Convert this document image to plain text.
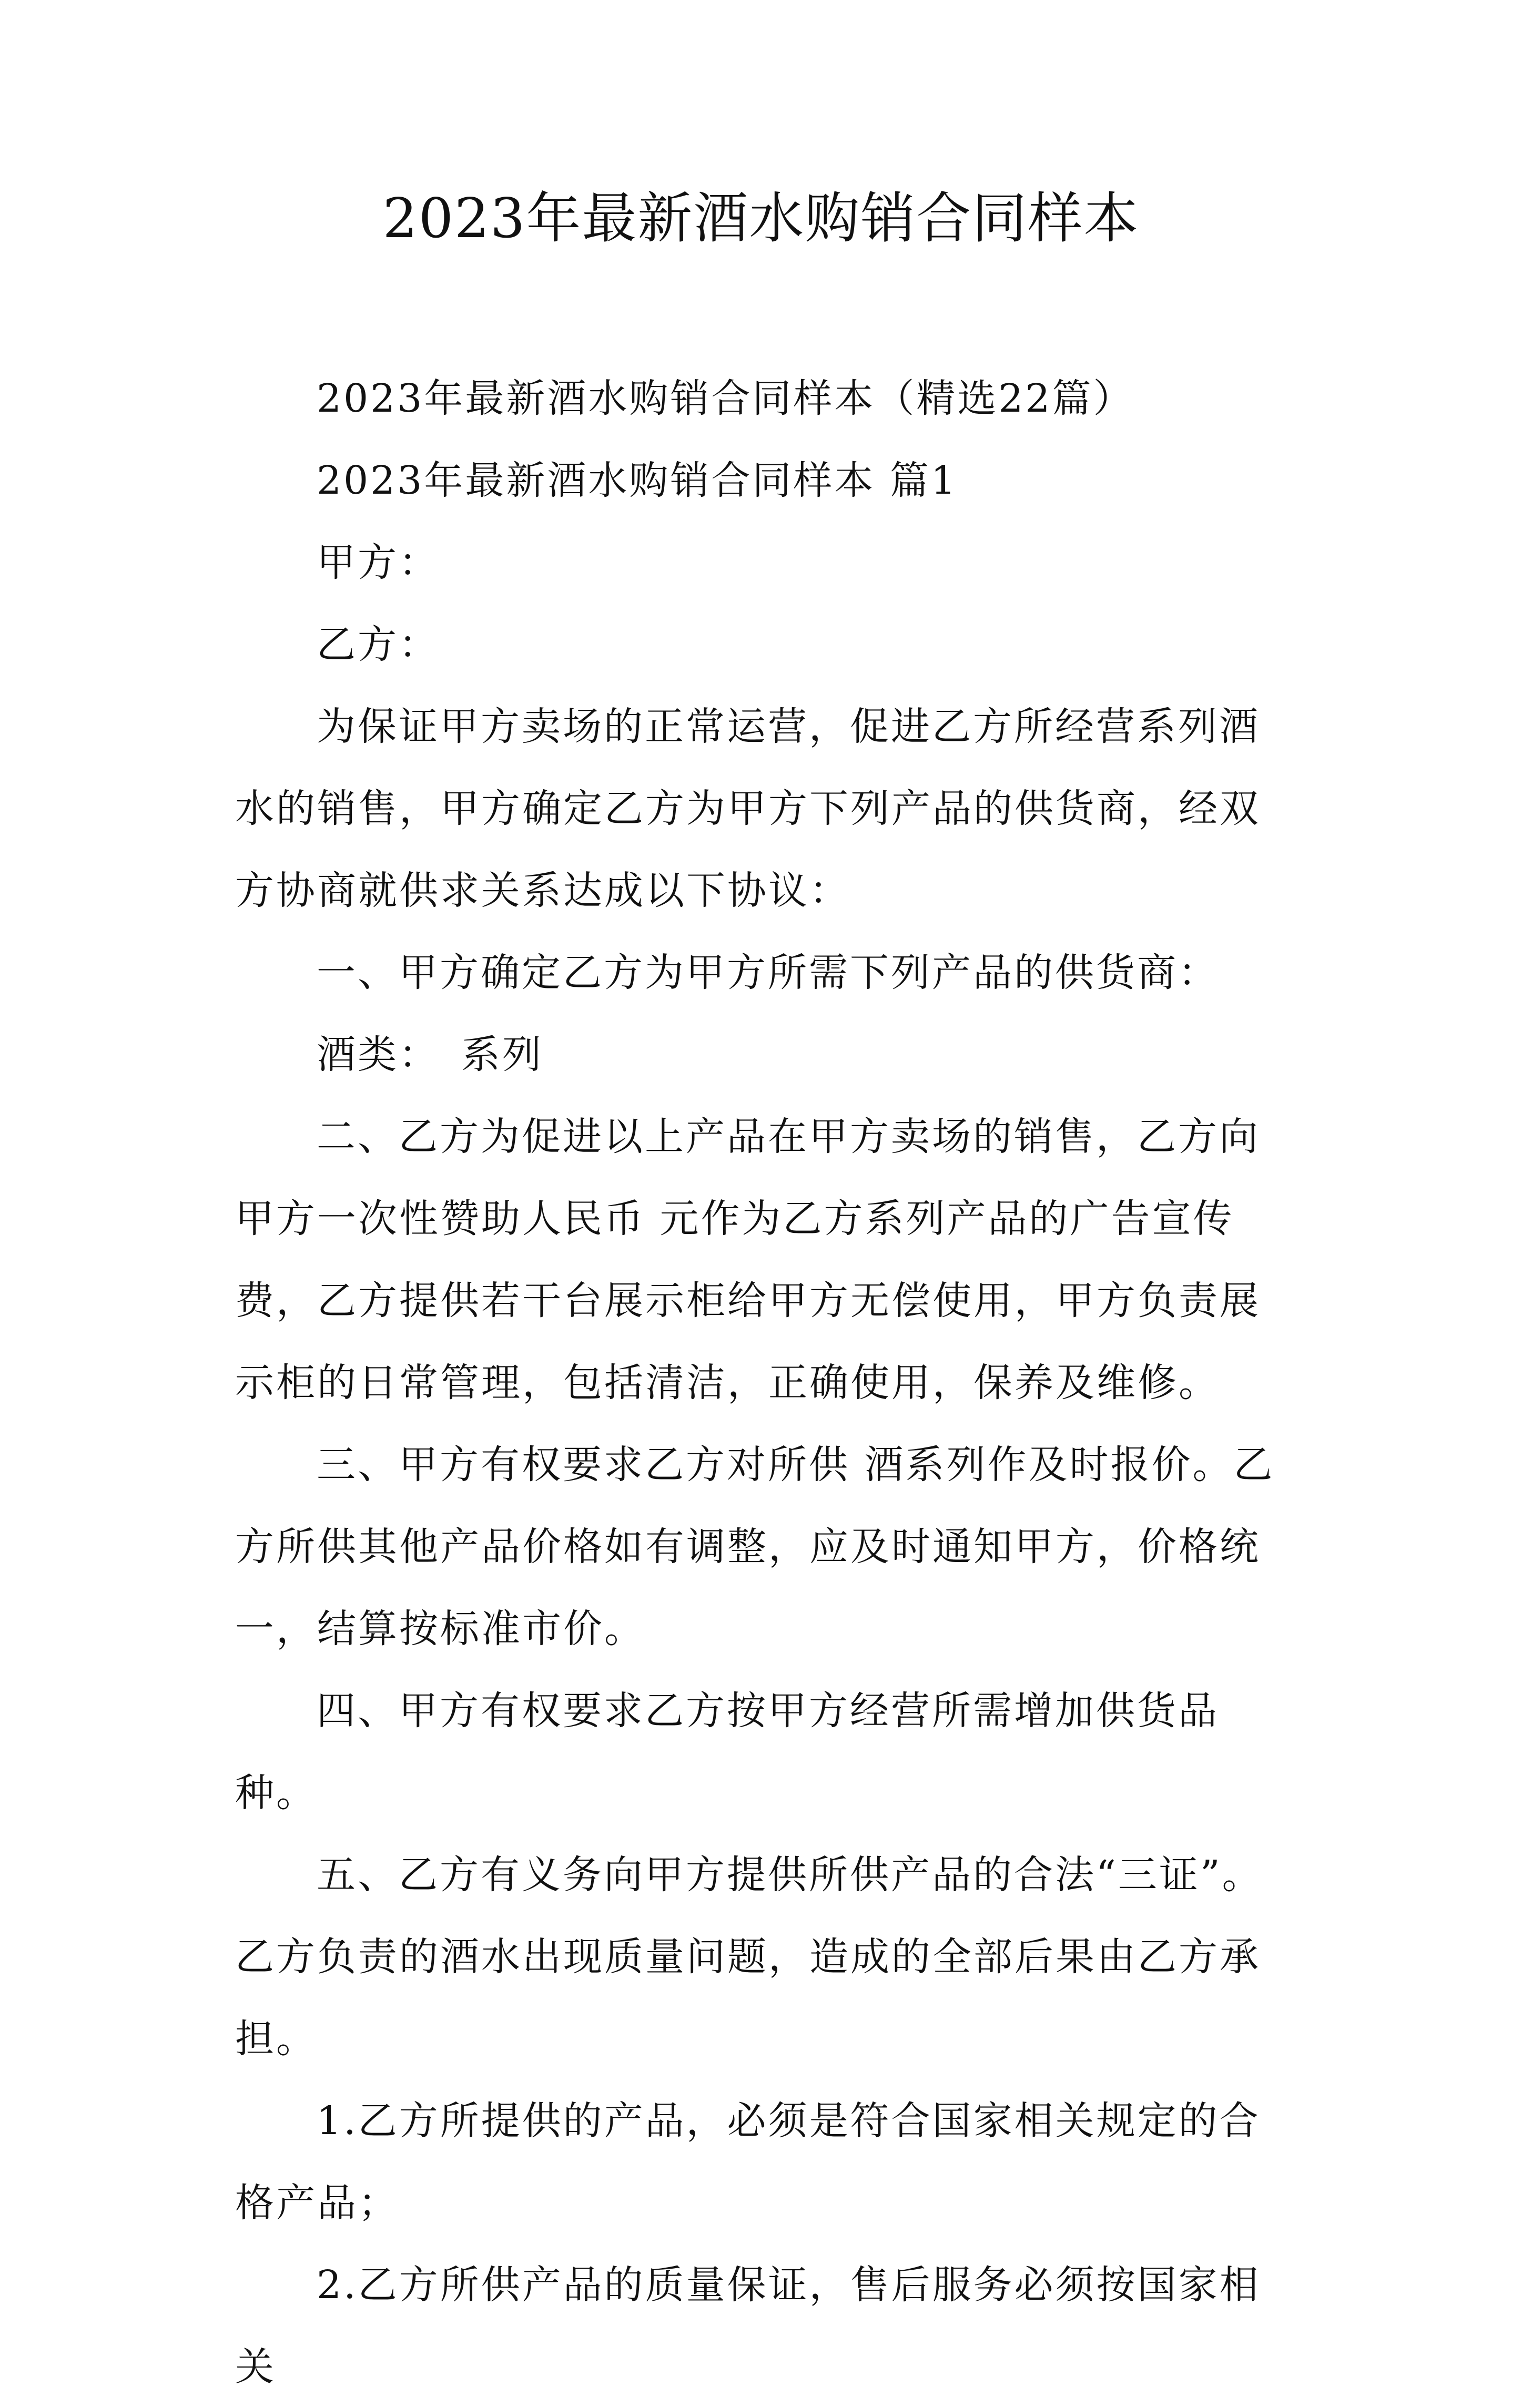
2023年最新酒水购销合同样本

2023年最新酒水购销合同样本（精选22篇）

2023年最新酒水购销合同样本 篇1

甲方：

乙方：

为保证甲方卖场的正常运营，促进乙方所经营系列酒水的销售，甲方确定乙方为甲方下列产品的供货商，经双方协商就供求关系达成以下协议：

一、甲方确定乙方为甲方所需下列产品的供货商：

酒类：　系列

二、乙方为促进以上产品在甲方卖场的销售，乙方向甲方一次性赞助人民币 元作为乙方系列产品的广告宣传费，乙方提供若干台展示柜给甲方无偿使用，甲方负责展示柜的日常管理，包括清洁，正确使用，保养及维修。

三、甲方有权要求乙方对所供 酒系列作及时报价。乙方所供其他产品价格如有调整，应及时通知甲方，价格统一，结算按标准市价。

四、甲方有权要求乙方按甲方经营所需增加供货品种。

五、乙方有义务向甲方提供所供产品的合法“三证”。乙方负责的酒水出现质量问题，造成的全部后果由乙方承担。

1.乙方所提供的产品，必须是符合国家相关规定的合格产品；

2.乙方所供产品的质量保证，售后服务必须按国家相关
